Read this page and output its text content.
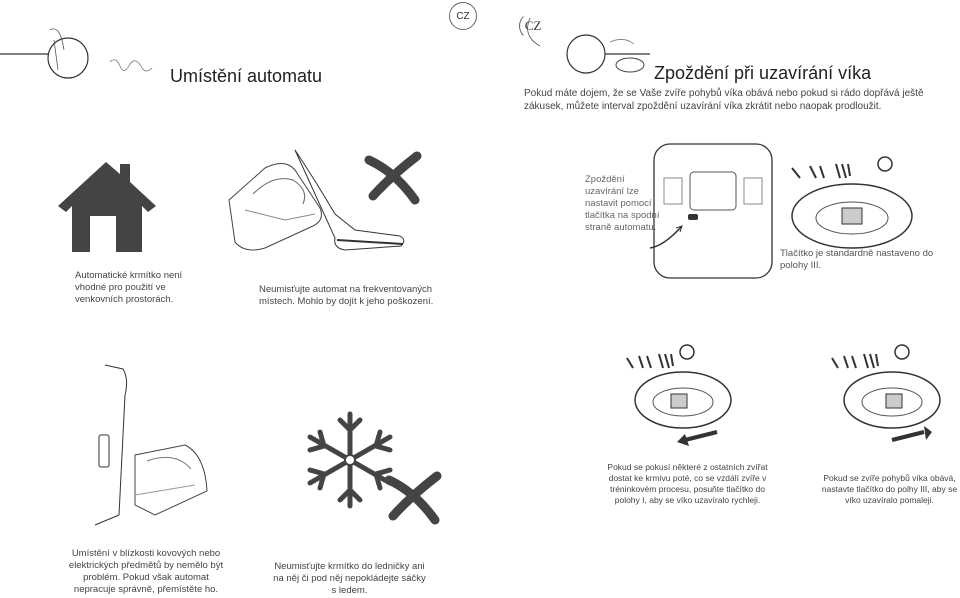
CZ
CZ
Umístění automatu	Zpoždění při uzavírání víka
Pokud máte dojem, že se Vaše zvíře pohybů víka obává nebo pokud si rádo dopřává ještě zákusek, můžete interval zpoždění uzavírání víka zkrátit nebo naopak prodloužit.
Automatické krmítko není vhodné pro použití ve venkovních prostorách.
Neumisťujte automat na frekventovaných místech. Mohlo by dojít k jeho poškození.
Zpoždění uzavírání lze nastavit pomocí tlačítka na spodní straně automatu.
Tlačítko je standardně nastaveno do polohy III.
Umístění v blízkosti kovových nebo elektrických předmětů by nemělo být problém. Pokud však automat nepracuje správně, přemístěte ho.
Neumisťujte krmítko do ledničky ani na něj či pod něj nepokládejte sáčky s ledem.
Pokud se pokusí některé z ostatních zvířat dostat ke krmivu poté, co se vzdálí zvíře v tréninkovém procesu, posuňte tlačítko do polohy I, aby se víko uzavíralo rychleji.
Pokud se zvíře pohybů víka obává, nastavte tlačítko do polhy III, aby se víko uzavíralo pomaleji.
